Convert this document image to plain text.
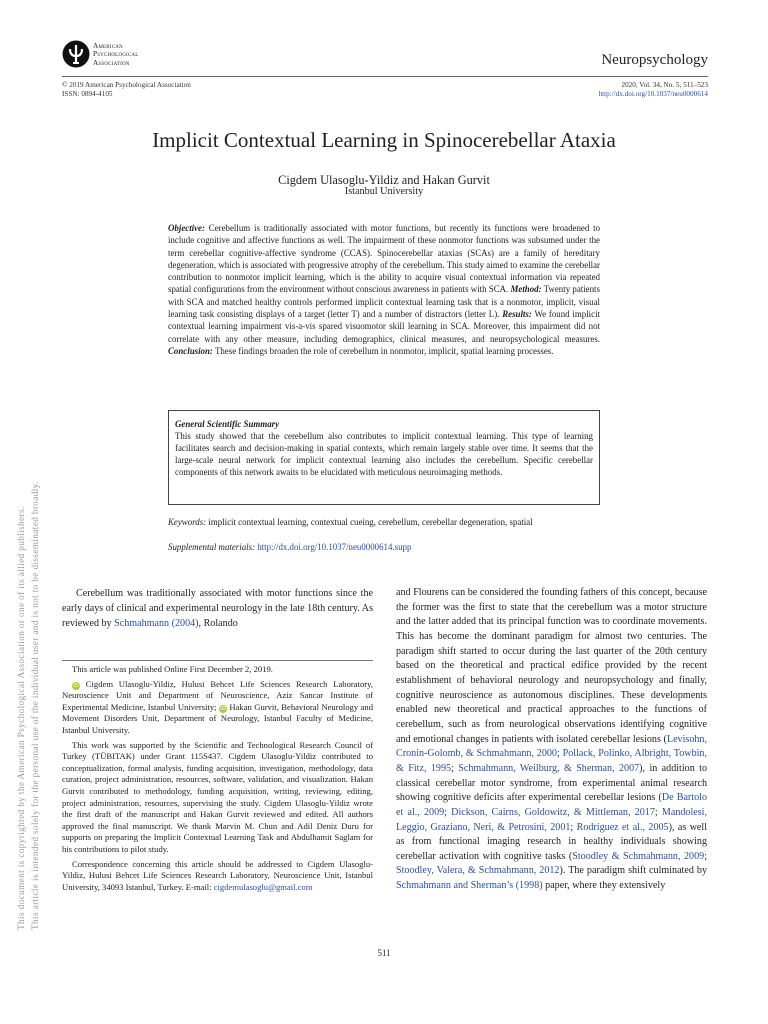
American
Psychological
Association	Neuropsychology
© 2019 American Psychological Association
ISSN: 0894-4105
2020, Vol. 34, No. 5, 511–523
http://dx.doi.org/10.1037/neu0000614
Implicit Contextual Learning in Spinocerebellar Ataxia
Cigdem Ulasoglu-Yildiz and Hakan Gurvit
Istanbul University
Objective: Cerebellum is traditionally associated with motor functions, but recently its functions were broadened to include cognitive and affective functions as well. The impairment of these nonmotor functions was subsumed under the term cerebellar cognitive-affective syndrome (CCAS). Spinocerebellar ataxias (SCAs) are a family of hereditary degeneration, which is associated with progressive atrophy of the cerebellum. This study aimed to examine the cerebellar contribution to nonmotor implicit learning, which is the ability to acquire visual contextual information via repeated spatial configurations from the environment without conscious awareness in patients with SCA. Method: Twenty patients with SCA and matched healthy controls performed implicit contextual learning task that is a nonmotor, implicit, visual learning task consisting displays of a target (letter T) and a number of distractors (letter L). Results: We found implicit contextual learning impairment vis-a-vis spared visuomotor skill learning in SCA. Moreover, this impairment did not correlate with any other measure, including demographics, clinical measures, and neuropsychological measures. Conclusion: These findings broaden the role of cerebellum in nonmotor, implicit, spatial learning processes.
General Scientific Summary
This study showed that the cerebellum also contributes to implicit contextual learning. This type of learning facilitates search and decision-making in spatial contexts, which remain largely stable over time. It seems that the large-scale neural network for implicit contextual learning also includes the cerebellum. Specific cerebellar components of this network awaits to be elucidated with meticulous neuroimaging methods.
Keywords: implicit contextual learning, contextual cueing, cerebellum, cerebellar degeneration, spatial
Supplemental materials: http://dx.doi.org/10.1037/neu0000614.supp
This document is copyrighted by the American Psychological Association or one of its allied publishers. This article is intended solely for the personal use of the individual user and is not to be disseminated broadly.	Cerebellum was traditionally associated with motor functions since the early days of clinical and experimental neurology in the late 18th century. As reviewed by Schmahmann (2004), Rolando

This article was published Online First December 2, 2019.

iD Cigdem Ulasoglu-Yildiz, Hulusi Behcet Life Sciences Research Laboratory, Neuroscience Unit and Department of Neuroscience, Aziz Sancar Institute of Experimental Medicine, Istanbul University; iD Hakan Gurvit, Behavioral Neurology and Movement Disorders Unit, Department of Neurology, Istanbul Faculty of Medicine, Istanbul University.

This work was supported by the Scientific and Technological Research Council of Turkey (TÜBITAK) under Grant 115S437. Cigdem Ulasoglu-Yildiz contributed to conceptualization, formal analysis, funding acquisition, investigation, methodology, data curation, project administration, resources, software, validation, and visualization. Hakan Gurvit contributed to methodology, funding acquisition, writing, reviewing, editing, project administration, resources, supervising the study. Cigdem Ulasoglu-Yildiz wrote the first draft of the manuscript and Hakan Gurvit reviewed and edited. All authors approved the final manuscript. We thank Marvin M. Chun and Adil Deniz Duru for supports on preparing the Implicit Contextual Learning Task and Abdulhamit Saglam for his contributions to pilot study.

Correspondence concerning this article should be addressed to Cigdem Ulasoglu-Yildiz, Hulusi Behcet Life Sciences Research Laboratory, Neuroscience Unit, Istanbul University, 34093 Istanbul, Turkey. E-mail: cigdemulasoglu@gmail.com

and Flourens can be considered the founding fathers of this concept, because the former was the first to state that the cerebellum was a motor structure and the latter added that its principal function was to coordinate movements. This has become the dominant paradigm for almost two centuries. The paradigm shift started to occur during the last quarter of the 20th century based on the theoretical and practical edifice provided by the recent establishment of behavioral neurology and neuropsychology and finally, cognitive neuroscience as autonomous disciplines. These developments enabled new theoretical and practical approaches to the functions of cerebellum, such as from neurological observations identifying cognitive and emotional changes in patients with isolated cerebellar lesions (Levisohn, Cronin-Golomb, & Schmahmann, 2000; Pollack, Polinko, Albright, Towbin, & Fitz, 1995; Schmahmann, Weilburg, & Sherman, 2007), in addition to classical cerebellar motor syndrome, from experimental animal research showing cognitive deficits after experimental cerebellar lesions (De Bartolo et al., 2009; Dickson, Cairns, Goldowitz, & Mittleman, 2017; Mandolesi, Leggio, Graziano, Neri, & Petrosini, 2001; Rodríguez et al., 2005), as well as from functional imaging research in healthy individuals showing cerebellar activation with cognitive tasks (Stoodley & Schmahmann, 2009; Stoodley, Valera, & Schmahmann, 2012). The paradigm shift culminated by Schmahmann and Sherman’s (1998) paper, where they extensively
511
